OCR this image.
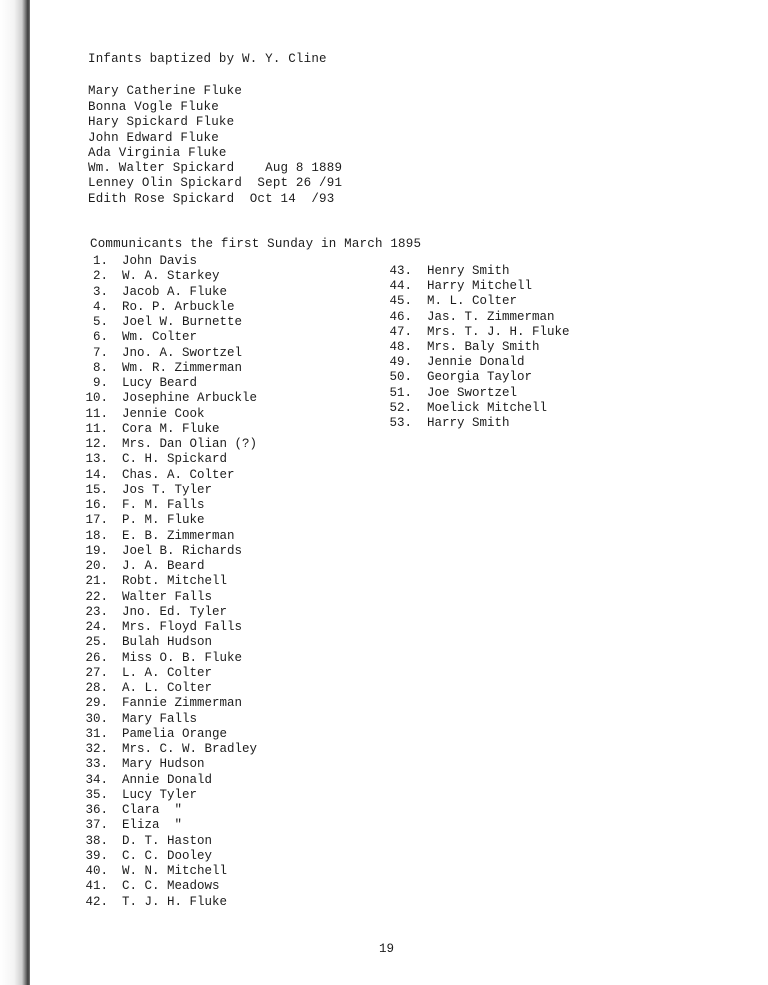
Infants baptized by W. Y. Cline
Mary Catherine Fluke
Bonna Vogle Fluke
Hary Spickard Fluke
John Edward Fluke
Ada Virginia Fluke
Wm. Walter Spickard    Aug 8 1889
Lenney Olin Spickard  Sept 26 /91
Edith Rose Spickard  Oct 14  /93
Communicants the first Sunday in March 1895
1. John Davis
2. W. A. Starkey
3. Jacob A. Fluke
4. Ro. P. Arbuckle
5. Joel W. Burnette
6. Wm. Colter
7. Jno. A. Swortzel
8. Wm. R. Zimmerman
9. Lucy Beard
10. Josephine Arbuckle
11. Jennie Cook
11. Cora M. Fluke
12. Mrs. Dan Olian (?)
13. C. H. Spickard
14. Chas. A. Colter
15. Jos T. Tyler
16. F. M. Falls
17. P. M. Fluke
18. E. B. Zimmerman
19. Joel B. Richards
20. J. A. Beard
21. Robt. Mitchell
22. Walter Falls
23. Jno. Ed. Tyler
24. Mrs. Floyd Falls
25. Bulah Hudson
26. Miss O. B. Fluke
27. L. A. Colter
28. A. L. Colter
29. Fannie Zimmerman
30. Mary Falls
31. Pamelia Orange
32. Mrs. C. W. Bradley
33. Mary Hudson
34. Annie Donald
35. Lucy Tyler
36. Clara  "
37. Eliza  "
38. D. T. Haston
39. C. C. Dooley
40. W. N. Mitchell
41. C. C. Meadows
42. T. J. H. Fluke
43. Henry Smith
44. Harry Mitchell
45. M. L. Colter
46. Jas. T. Zimmerman
47. Mrs. T. J. H. Fluke
48. Mrs. Baly Smith
49. Jennie Donald
50. Georgia Taylor
51. Joe Swortzel
52. Moelick Mitchell
53. Harry Smith
19
